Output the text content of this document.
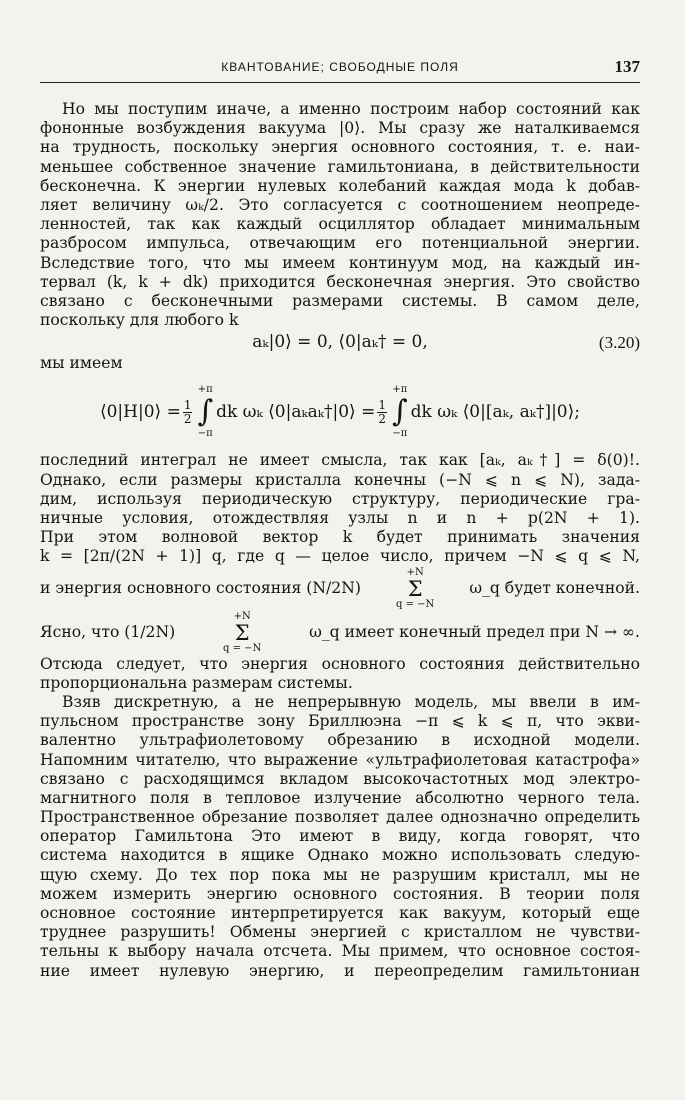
КВАНТОВАНИЕ; СВОБОДНЫЕ ПОЛЯ	137
Но мы поступим иначе, а именно построим набор состояний как
фононные возбуждения вакуума |0⟩. Мы сразу же наталкиваемся
на трудность, поскольку энергия основного состояния, т. е. наи-
меньшее собственное значение гамильтониана, в действительности
бесконечна. К энергии нулевых колебаний каждая мода k добав-
ляет величину ωₖ/2. Это согласуется с соотношением неопреде-
ленностей, так как каждый осциллятор обладает минимальным
разбросом импульса, отвечающим его потенциальной энергии.
Вследствие того, что мы имеем континуум мод, на каждый ин-
тервал (k, k + dk) приходится бесконечная энергия. Это свойство
связано с бесконечными размерами системы. В самом деле,
поскольку для любого k
aₖ|0⟩ = 0, ⟨0|aₖ† = 0,	(3.20)
мы имеем
⟨0|H|0⟩ = $\frac{1}{2}$
+π
∫
−π
dk ωₖ ⟨0|aₖaₖ†|0⟩ = $\frac{1}{2}$
+π
∫
−π
dk ωₖ ⟨0|[aₖ, aₖ†]|0⟩;
последний интеграл не имеет смысла, так как [aₖ, aₖ†] = δ(0)!.
Однако, если размеры кристалла конечны (−N ⩽ n ⩽ N), зада-
дим, используя периодическую структуру, периодические гра-
ничные условия, отождествляя узлы n и n + p(2N + 1).
При этом волновой вектор k будет принимать значения
k = [2π/(2N + 1)] q, где q — целое число, причем −N ⩽ q ⩽ N,
и энергия основного состояния (N/2N)
+N
Σ
q = −N
ω_q будет конечной.
Ясно, что (1/2N)
+N
Σ
q = −N
ω_q имеет конечный предел при N → ∞.
Отсюда следует, что энергия основного состояния действительно
пропорциональна размерам системы.
Взяв дискретную, а не непрерывную модель, мы ввели в им-
пульсном пространстве зону Бриллюэна −π ⩽ k ⩽ π, что экви-
валентно ультрафиолетовому обрезанию в исходной модели.
Напомним читателю, что выражение «ультрафиолетовая катастрофа»
связано с расходящимся вкладом высокочастотных мод электро-
магнитного поля в тепловое излучение абсолютно черного тела.
Пространственное обрезание позволяет далее однозначно определить
оператор Гамильтона Это имеют в виду, когда говорят, что
система находится в ящике Однако можно использовать следую-
щую схему. До тех пор пока мы не разрушим кристалл, мы не
можем измерить энергию основного состояния. В теории поля
основное состояние интерпретируется как вакуум, который еще
труднее разрушить! Обмены энергией с кристаллом не чувстви-
тельны к выбору начала отсчета. Мы примем, что основное состоя-
ние имеет нулевую энергию, и переопределим гамильтониан
